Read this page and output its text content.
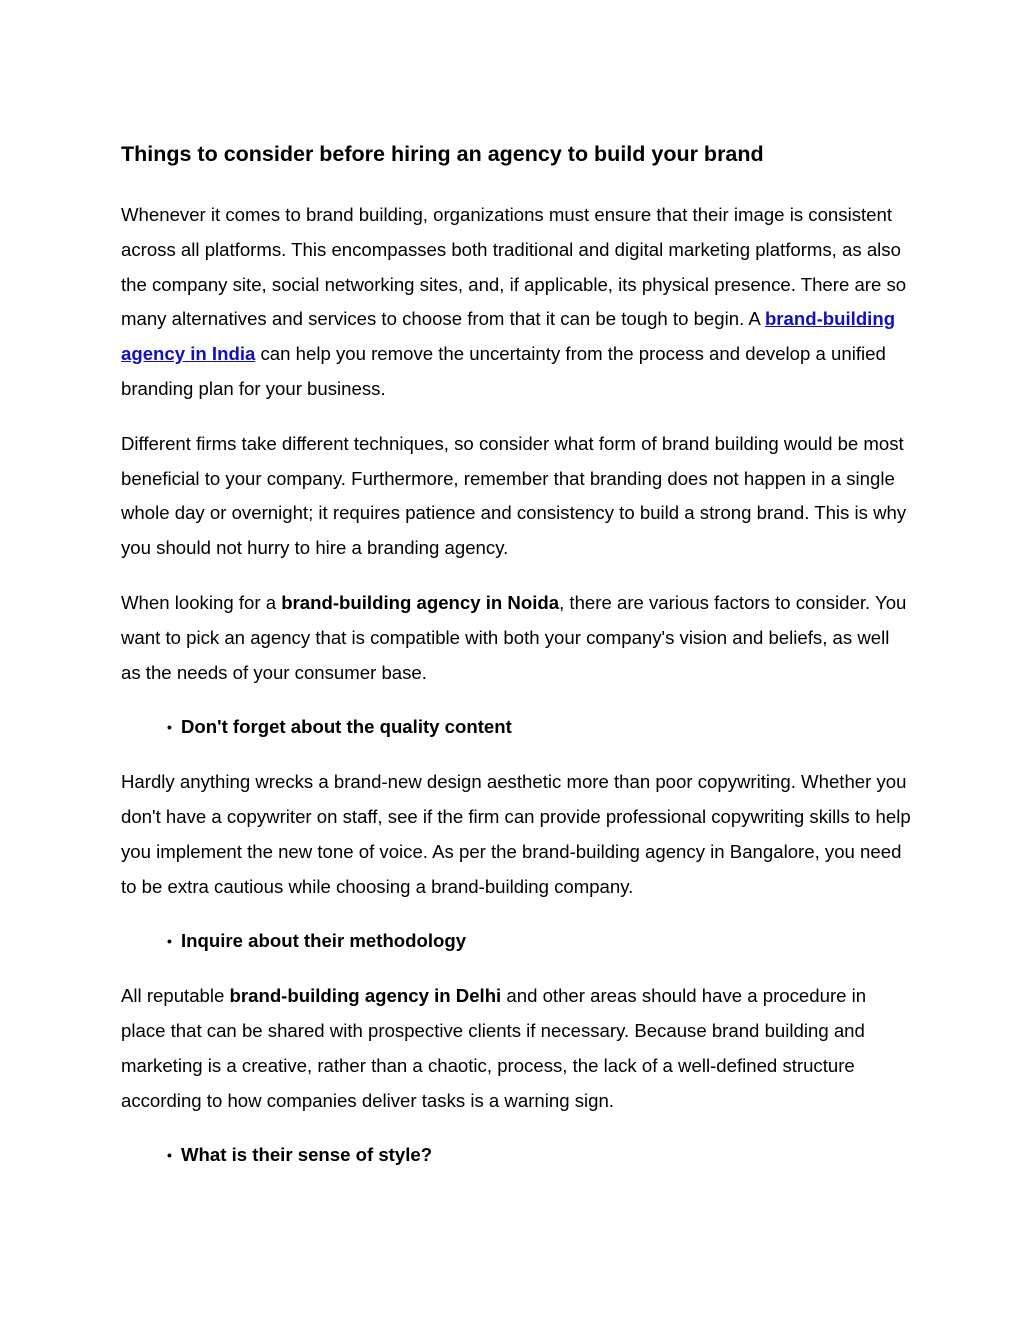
Things to consider before hiring an agency to build your brand

Whenever it comes to brand building, organizations must ensure that their image is consistent across all platforms. This encompasses both traditional and digital marketing platforms, as also the company site, social networking sites, and, if applicable, its physical presence. There are so many alternatives and services to choose from that it can be tough to begin. A brand-building agency in India can help you remove the uncertainty from the process and develop a unified branding plan for your business.

Different firms take different techniques, so consider what form of brand building would be most beneficial to your company. Furthermore, remember that branding does not happen in a single whole day or overnight; it requires patience and consistency to build a strong brand. This is why you should not hurry to hire a branding agency.

When looking for a brand-building agency in Noida, there are various factors to consider. You want to pick an agency that is compatible with both your company's vision and beliefs, as well as the needs of your consumer base.

• Don't forget about the quality content

Hardly anything wrecks a brand-new design aesthetic more than poor copywriting. Whether you don't have a copywriter on staff, see if the firm can provide professional copywriting skills to help you implement the new tone of voice. As per the brand-building agency in Bangalore, you need to be extra cautious while choosing a brand-building company.

• Inquire about their methodology

All reputable brand-building agency in Delhi and other areas should have a procedure in place that can be shared with prospective clients if necessary. Because brand building and marketing is a creative, rather than a chaotic, process, the lack of a well-defined structure according to how companies deliver tasks is a warning sign.

• What is their sense of style?
